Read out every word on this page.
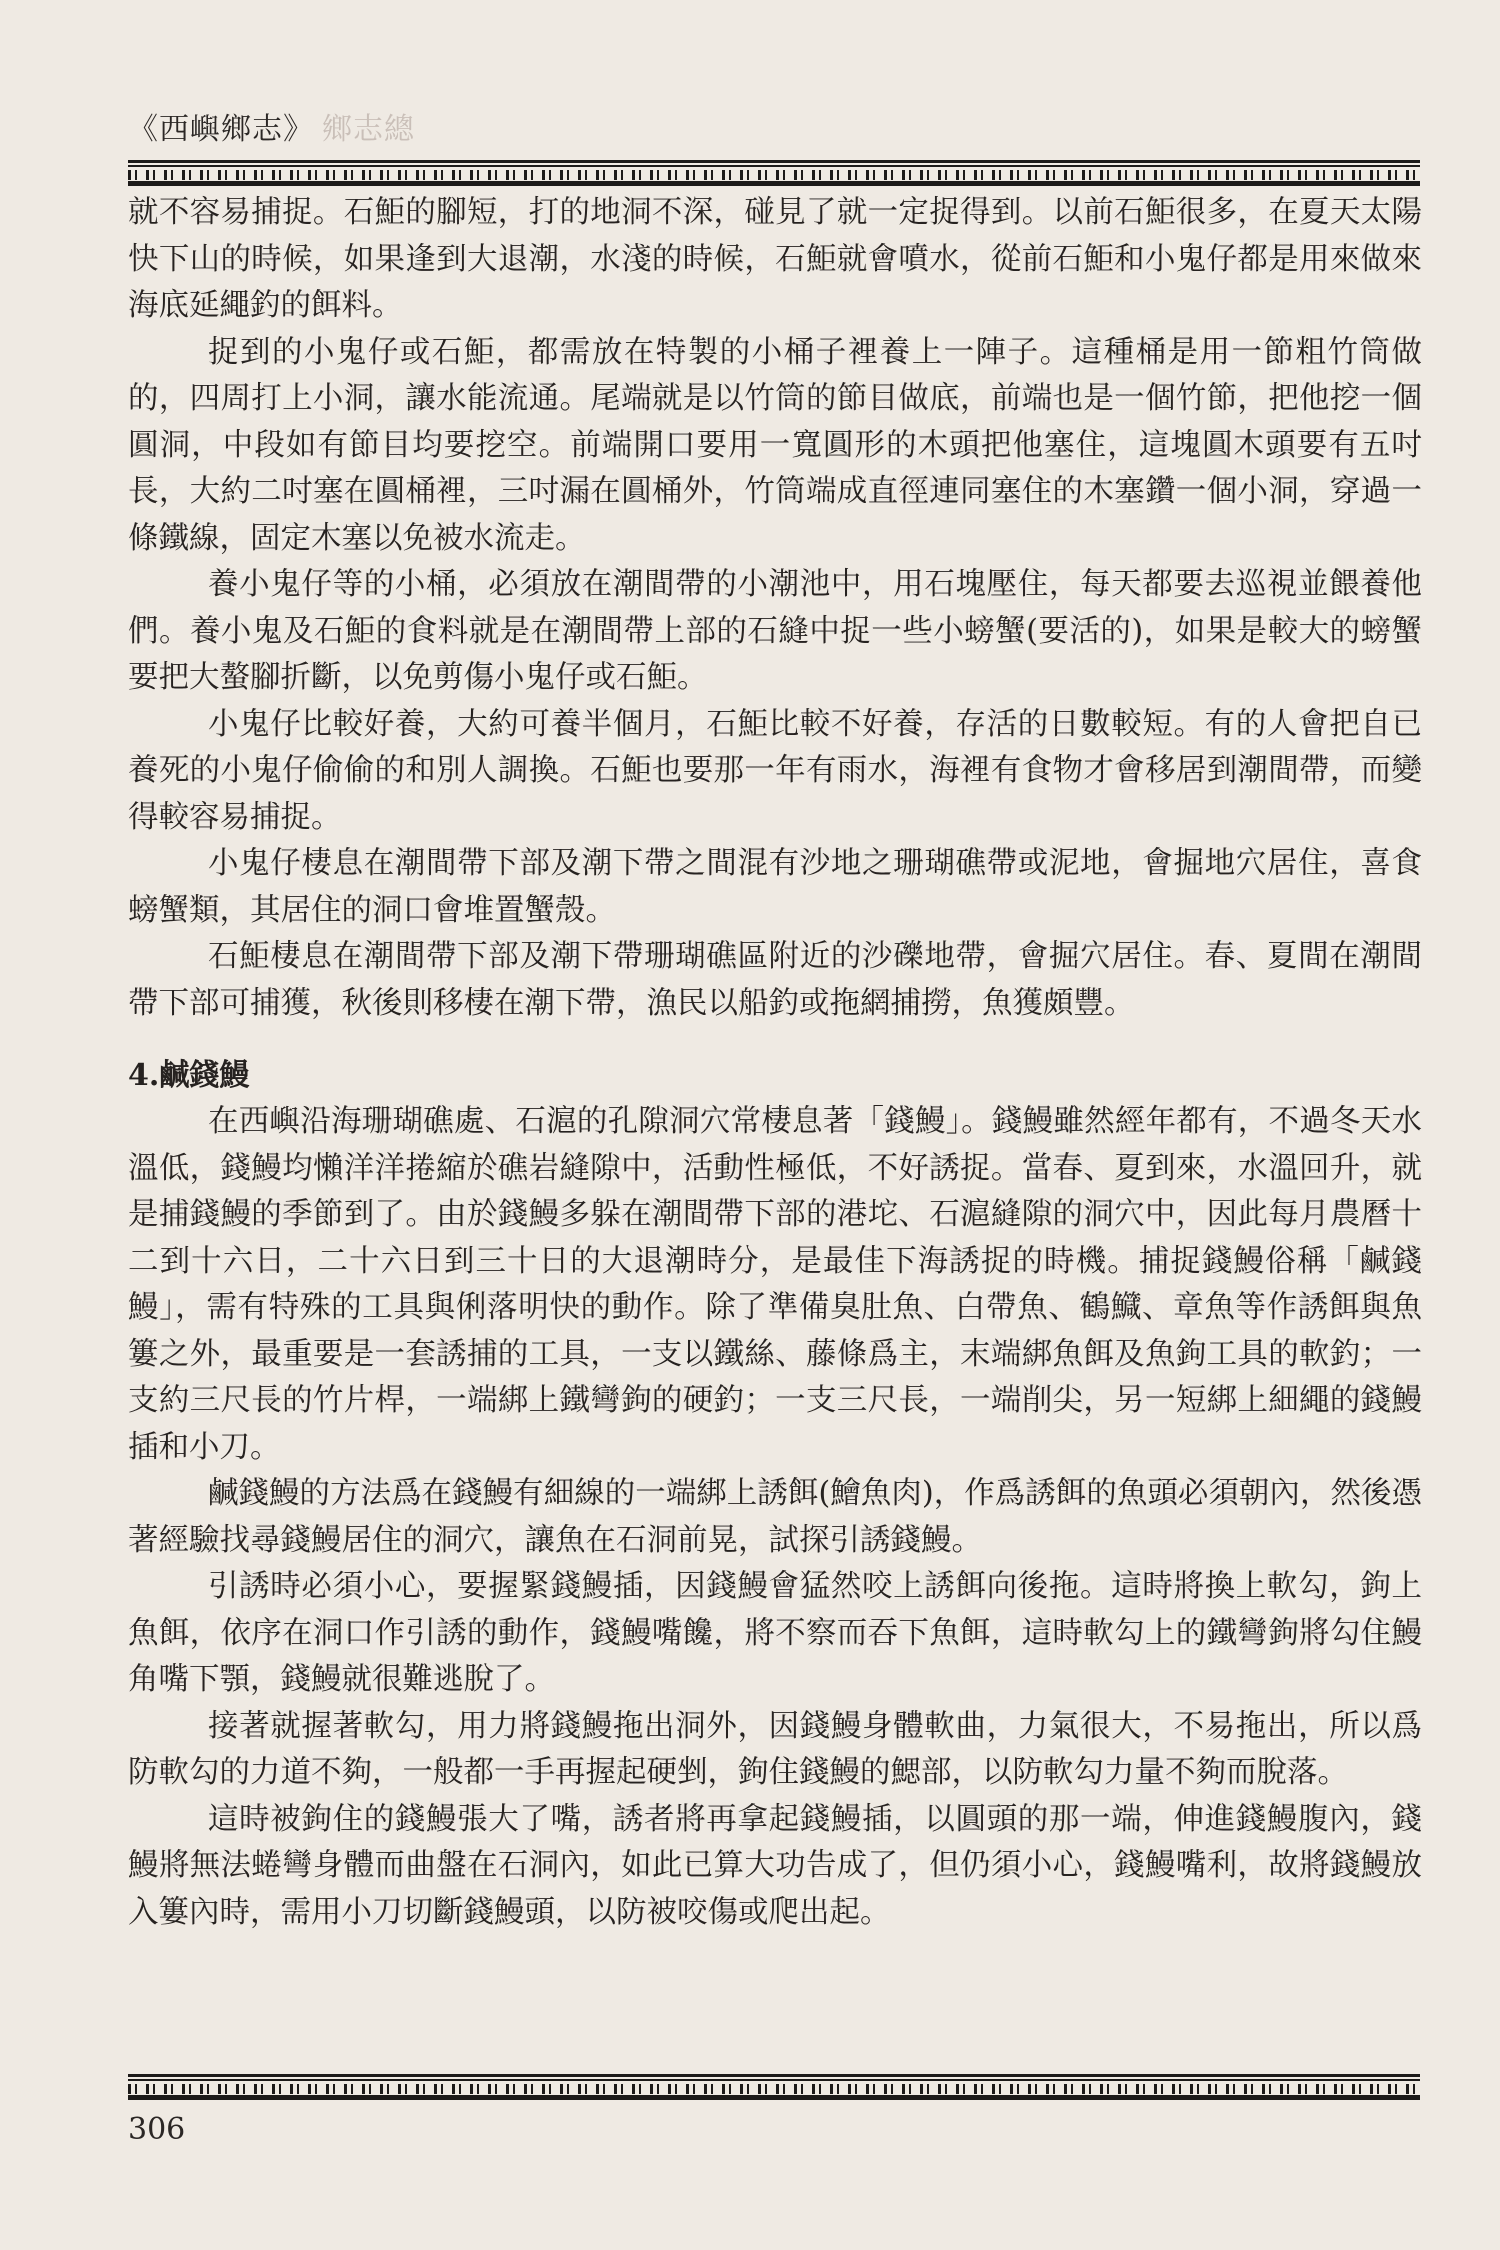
《西嶼鄉志》 鄉志總

就不容易捕捉。石鮔的腳短，打的地洞不深，碰見了就一定捉得到。以前石鮔很多，在夏天太陽快下山的時候，如果逢到大退潮，水淺的時候，石鮔就會噴水，從前石鮔和小鬼仔都是用來做來海底延繩釣的餌料。

捉到的小鬼仔或石鮔，都需放在特製的小桶子裡養上一陣子。這種桶是用一節粗竹筒做的，四周打上小洞，讓水能流通。尾端就是以竹筒的節目做底，前端也是一個竹節，把他挖一個圓洞，中段如有節目均要挖空。前端開口要用一寬圓形的木頭把他塞住，這塊圓木頭要有五吋長，大約二吋塞在圓桶裡，三吋漏在圓桶外，竹筒端成直徑連同塞住的木塞鑽一個小洞，穿過一條鐵線，固定木塞以免被水流走。

養小鬼仔等的小桶，必須放在潮間帶的小潮池中，用石塊壓住，每天都要去巡視並餵養他們。養小鬼及石鮔的食料就是在潮間帶上部的石縫中捉一些小螃蟹(要活的)，如果是較大的螃蟹要把大螯腳折斷，以免剪傷小鬼仔或石鮔。

小鬼仔比較好養，大約可養半個月，石鮔比較不好養，存活的日數較短。有的人會把自已養死的小鬼仔偷偷的和別人調換。石鮔也要那一年有雨水，海裡有食物才會移居到潮間帶，而變得較容易捕捉。

小鬼仔棲息在潮間帶下部及潮下帶之間混有沙地之珊瑚礁帶或泥地，會掘地穴居住，喜食螃蟹類，其居住的洞口會堆置蟹殼。

石鮔棲息在潮間帶下部及潮下帶珊瑚礁區附近的沙礫地帶，會掘穴居住。春、夏間在潮間帶下部可捕獲，秋後則移棲在潮下帶，漁民以船釣或拖網捕撈，魚獲頗豐。

4.鹹錢鰻

在西嶼沿海珊瑚礁處、石滬的孔隙洞穴常棲息著「錢鰻」。錢鰻雖然經年都有，不過冬天水溫低，錢鰻均懶洋洋捲縮於礁岩縫隙中，活動性極低，不好誘捉。當春、夏到來，水溫回升，就是捕錢鰻的季節到了。由於錢鰻多躲在潮間帶下部的港坨、石滬縫隙的洞穴中，因此每月農曆十二到十六日，二十六日到三十日的大退潮時分，是最佳下海誘捉的時機。捕捉錢鰻俗稱「鹹錢鰻」，需有特殊的工具與俐落明快的動作。除了準備臭肚魚、白帶魚、鶴鱵、章魚等作誘餌與魚簍之外，最重要是一套誘捕的工具，一支以鐵絲、藤條爲主，末端綁魚餌及魚鉤工具的軟釣；一支約三尺長的竹片桿，一端綁上鐵彎鉤的硬釣；一支三尺長，一端削尖，另一短綁上細繩的錢鰻插和小刀。

鹹錢鰻的方法爲在錢鰻有細線的一端綁上誘餌(鱠魚肉)，作爲誘餌的魚頭必須朝內，然後憑著經驗找尋錢鰻居住的洞穴，讓魚在石洞前晃，試探引誘錢鰻。

引誘時必須小心，要握緊錢鰻插，因錢鰻會猛然咬上誘餌向後拖。這時將換上軟勾，鉤上魚餌，依序在洞口作引誘的動作，錢鰻嘴饞，將不察而吞下魚餌，這時軟勾上的鐵彎鉤將勾住鰻角嘴下顎，錢鰻就很難逃脫了。

接著就握著軟勾，用力將錢鰻拖出洞外，因錢鰻身體軟曲，力氣很大，不易拖出，所以爲防軟勾的力道不夠，一般都一手再握起硬剉，鉤住錢鰻的鰓部，以防軟勾力量不夠而脫落。

這時被鉤住的錢鰻張大了嘴，誘者將再拿起錢鰻插，以圓頭的那一端，伸進錢鰻腹內，錢鰻將無法蜷彎身體而曲盤在石洞內，如此已算大功告成了，但仍須小心，錢鰻嘴利，故將錢鰻放入簍內時，需用小刀切斷錢鰻頭，以防被咬傷或爬出起。

306
